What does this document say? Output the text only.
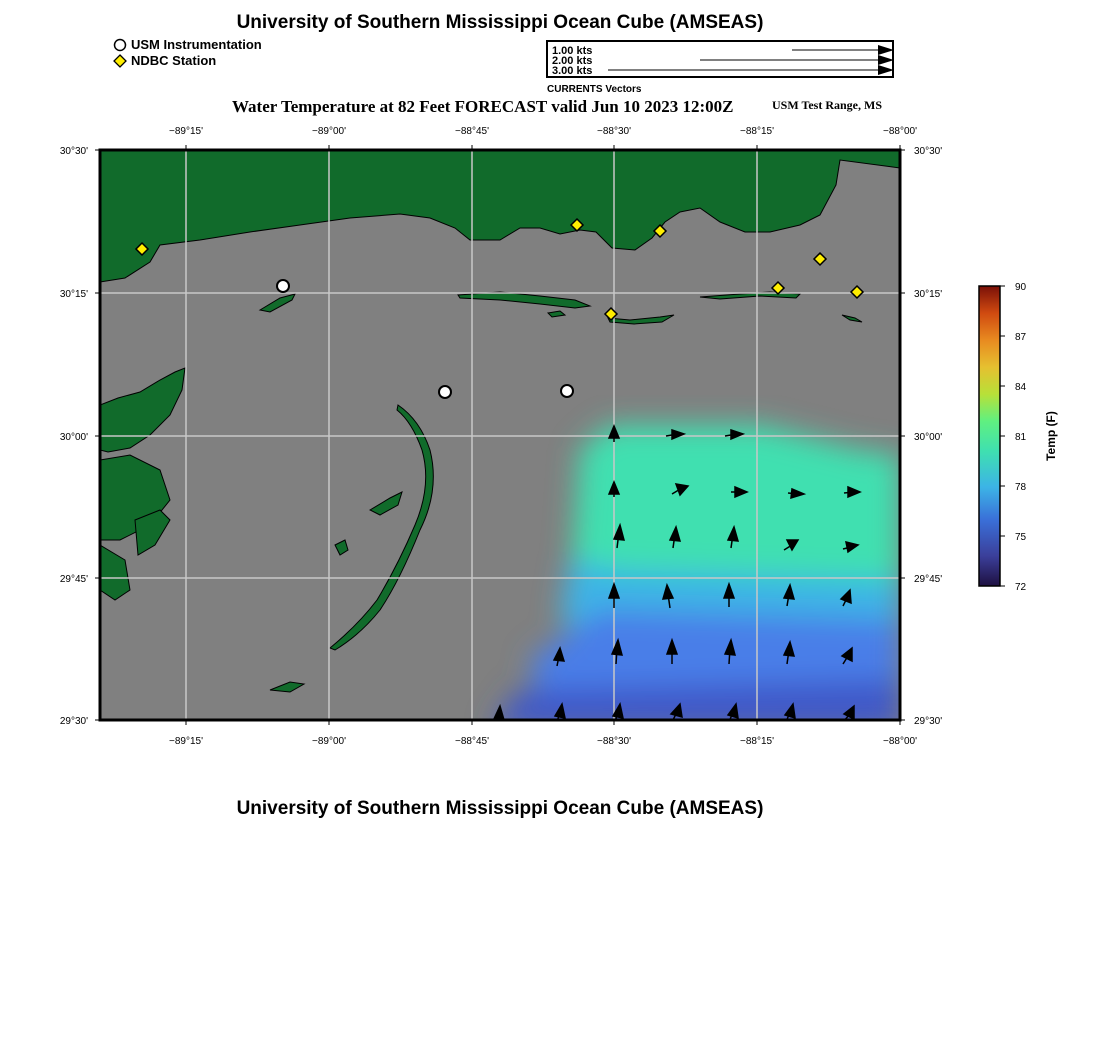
University of Southern Mississippi Ocean Cube (AMSEAS)
USM Instrumentation
NDBC Station
1.00 kts
2.00 kts
3.00 kts
CURRENTS Vectors
Water Temperature at 82 Feet FORECAST valid Jun 10 2023 12:00Z	USM Test Range, MS
−89°15'	−89°00'	−88°45'	−88°30'	−88°15'	−88°00'
−89°15'	−89°00'	−88°45'	−88°30'	−88°15'	−88°00'
30°30'
30°15'
30°00'
29°45'
29°30'
30°30'
30°15'
30°00'
29°45'
29°30'
90
87
84
81
78
75
72
Temp (F)
University of Southern Mississippi Ocean Cube (AMSEAS)
